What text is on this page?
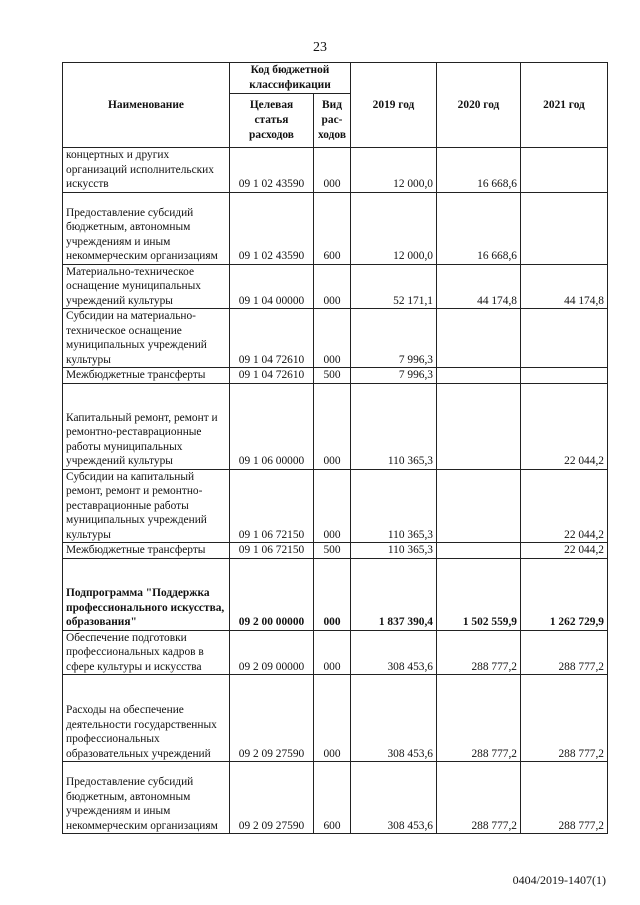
23
Наименование	Код бюджетной классификации		2019 год	2020 год	2021 год
	Целевая статья расходов	Вид рас-ходов			
концертных и других организаций исполнительских искусств	09 1 02 43590	000	12 000,0	16 668,6	
Предоставление субсидий бюджетным, автономным учреждениям и иным некоммерческим организациям	09 1 02 43590	600	12 000,0	16 668,6	
Материально-техническое оснащение муниципальных учреждений культуры	09 1 04 00000	000	52 171,1	44 174,8	44 174,8
Субсидии на материально-техническое оснащение муниципальных учреждений культуры	09 1 04 72610	000	7 996,3		
Межбюджетные трансферты	09 1 04 72610	500	7 996,3		
Капитальный ремонт, ремонт и ремонтно-реставрационные работы муниципальных учреждений культуры	09 1 06 00000	000	110 365,3		22 044,2
Субсидии на капитальный ремонт, ремонт и ремонтно-реставрационные работы муниципальных учреждений культуры	09 1 06 72150	000	110 365,3		22 044,2
Межбюджетные трансферты	09 1 06 72150	500	110 365,3		22 044,2
Подпрограмма "Поддержка профессионального искусства, образования"	09 2 00 00000	000	1 837 390,4	1 502 559,9	1 262 729,9
Обеспечение подготовки профессиональных кадров в сфере культуры и искусства	09 2 09 00000	000	308 453,6	288 777,2	288 777,2
Расходы на обеспечение деятельности государственных профессиональных образовательных учреждений	09 2 09 27590	000	308 453,6	288 777,2	288 777,2
Предоставление субсидий бюджетным, автономным учреждениям и иным некоммерческим организациям	09 2 09 27590	600	308 453,6	288 777,2	288 777,2
0404/2019-1407(1)
